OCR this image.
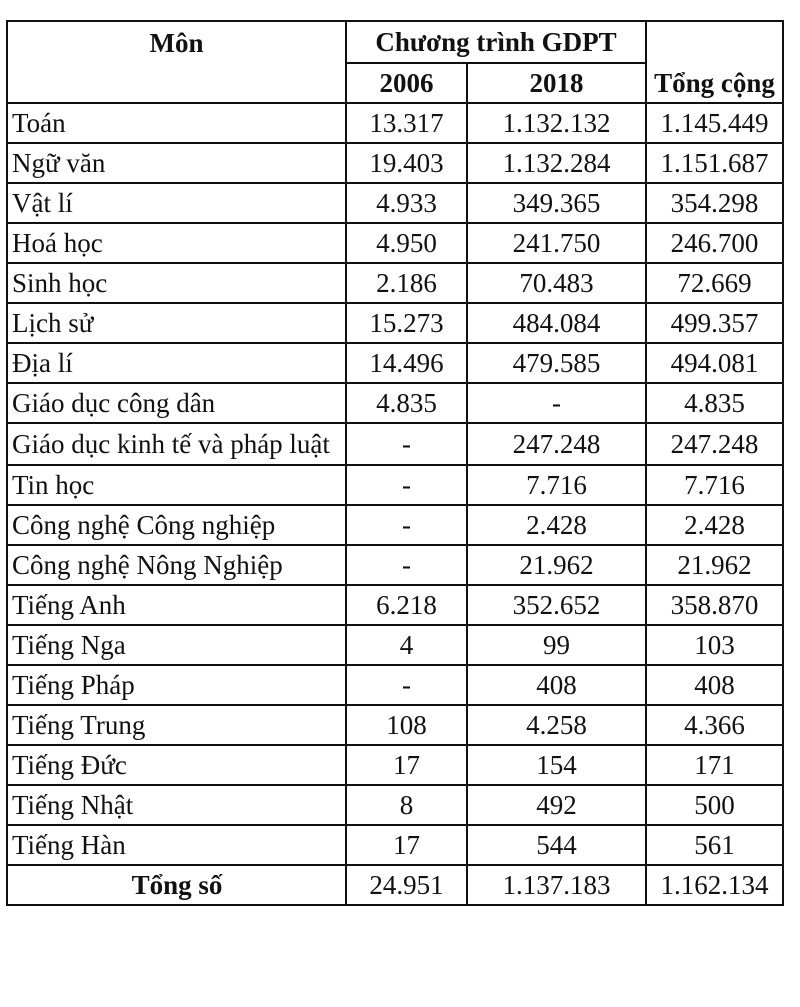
Môn	Chương trình GDPT		
	2006	2018	Tổng cộng
Toán	13.317	1.132.132	1.145.449
Ngữ văn	19.403	1.132.284	1.151.687
Vật lí	4.933	349.365	354.298
Hoá học	4.950	241.750	246.700
Sinh học	2.186	70.483	72.669
Lịch sử	15.273	484.084	499.357
Địa lí	14.496	479.585	494.081
Giáo dục công dân	4.835	-	4.835
Giáo dục kinh tế và pháp luật	-	247.248	247.248
Tin học	-	7.716	7.716
Công nghệ Công nghiệp	-	2.428	2.428
Công nghệ Nông Nghiệp	-	21.962	21.962
Tiếng Anh	6.218	352.652	358.870
Tiếng Nga	4	99	103
Tiếng Pháp	-	408	408
Tiếng Trung	108	4.258	4.366
Tiếng Đức	17	154	171
Tiếng Nhật	8	492	500
Tiếng Hàn	17	544	561
Tổng số	24.951	1.137.183	1.162.134
